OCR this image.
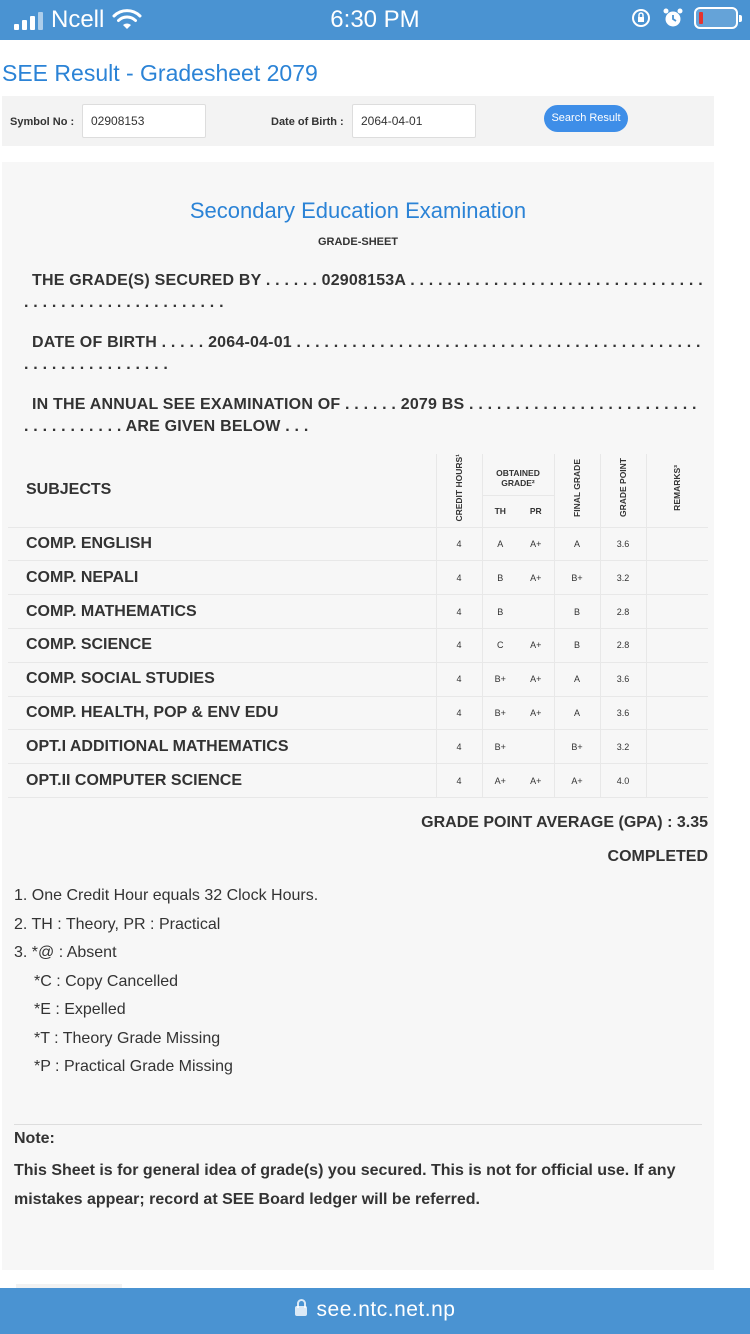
Ncell	6:30 PM
SEE Result - Gradesheet 2079
Symbol No :	02908153	Date of Birth :	2064-04-01	Search Result
Secondary Education Examination
GRADE-SHEET
THE GRADE(S) SECURED BY . . . . . . 02908153A . . . . . . . . . . . . . . . . . . . . . . . . . . . . . . . . . . . . . . . . . . . . . . . . . . . . . .
DATE OF BIRTH . . . . . 2064-04-01 . . . . . . . . . . . . . . . . . . . . . . . . . . . . . . . . . . . . . . . . . . . . . . . . . . . . . . . . . . . .
IN THE ANNUAL SEE EXAMINATION OF . . . . . . 2079 BS . . . . . . . . . . . . . . . . . . . . . . . . . . . . . . . . . . . . ARE GIVEN BELOW . . .
SUBJECTS	CREDIT HOURS¹	OBTAINED GRADE²		FINAL GRADE	GRADE POINT	REMARKS³
		TH	PR			
COMP. ENGLISH	4	A	A+	A	3.6	
COMP. NEPALI	4	B	A+	B+	3.2	
COMP. MATHEMATICS	4	B		B	2.8	
COMP. SCIENCE	4	C	A+	B	2.8	
COMP. SOCIAL STUDIES	4	B+	A+	A	3.6	
COMP. HEALTH, POP & ENV EDU	4	B+	A+	A	3.6	
OPT.I ADDITIONAL MATHEMATICS	4	B+		B+	3.2	
OPT.II COMPUTER SCIENCE	4	A+	A+	A+	4.0	
GRADE POINT AVERAGE (GPA) : 3.35
COMPLETED
1. One Credit Hour equals 32 Clock Hours.
2. TH : Theory, PR : Practical
3. *@ : Absent
*C : Copy Cancelled
*E : Expelled
*T : Theory Grade Missing
*P : Practical Grade Missing
Note:
This Sheet is for general idea of grade(s) you secured. This is not for official use. If any mistakes appear; record at SEE Board ledger will be referred.
see.ntc.net.np
